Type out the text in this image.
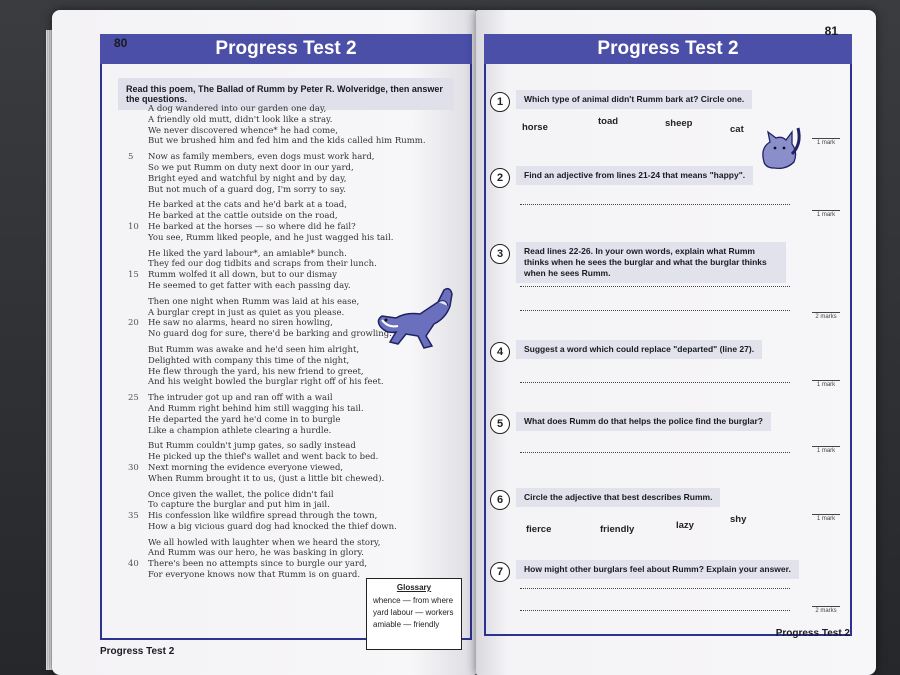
Progress Test 2
80
Read this poem, The Ballad of Rumm by Peter R. Wolveridge, then answer the questions.
A dog wandered into our garden one day,
A friendly old mutt, didn't look like a stray.
We never discovered whence* he had come,
But we brushed him and fed him and the kids called him Rumm.
Now as family members, even dogs must work hard,
So we put Rumm on duty next door in our yard,
Bright eyed and watchful by night and by day,
But not much of a guard dog, I'm sorry to say.
5
He barked at the cats and he'd bark at a toad,
He barked at the cattle outside on the road,
He barked at the horses — so where did he fail?
You see, Rumm liked people, and he just wagged his tail.
10
He liked the yard labour*, an amiable* bunch.
They fed our dog tidbits and scraps from their lunch.
Rumm wolfed it all down, but to our dismay
He seemed to get fatter with each passing day.
15
Then one night when Rumm was laid at his ease,
A burglar crept in just as quiet as you please.
He saw no alarms, heard no siren howling,
No guard dog for sure, there'd be barking and growling.
20
But Rumm was awake and he'd seen him alright,
Delighted with company this time of the night,
He flew through the yard, his new friend to greet,
And his weight bowled the burglar right off of his feet.
The intruder got up and ran off with a wail
And Rumm right behind him still wagging his tail.
He departed the yard he'd come in to burgle
Like a champion athlete clearing a hurdle.
25
But Rumm couldn't jump gates, so sadly instead
He picked up the thief's wallet and went back to bed.
Next morning the evidence everyone viewed,
When Rumm brought it to us, (just a little bit chewed).
30
Once given the wallet, the police didn't fail
To capture the burglar and put him in jail.
His confession like wildfire spread through the town,
How a big vicious guard dog had knocked the thief down.
35
We all howled with laughter when we heard the story,
And Rumm was our hero, he was basking in glory.
There's been no attempts since to burgle our yard,
For everyone knows now that Rumm is on guard.
40
Glossary
whence — from where
yard labour — workers
amiable — friendly
Progress Test 2
Progress Test 2
81
1	Which type of animal didn't Rumm bark at? Circle one.
horse
toad	sheep
cat
1 mark
2	Find an adjective from lines 21-24 that means "happy".
1 mark
3	Read lines 22-26. In your own words, explain what Rumm thinks when he sees the burglar and what the burglar thinks when he sees Rumm.
2 marks
4	Suggest a word which could replace "departed" (line 27).
1 mark
5	What does Rumm do that helps the police find the burglar?
1 mark
6	Circle the adjective that best describes Rumm.
fierce	friendly	lazy
shy	1 mark
7	How might other burglars feel about Rumm? Explain your answer.
2 marks
Progress Test 2
